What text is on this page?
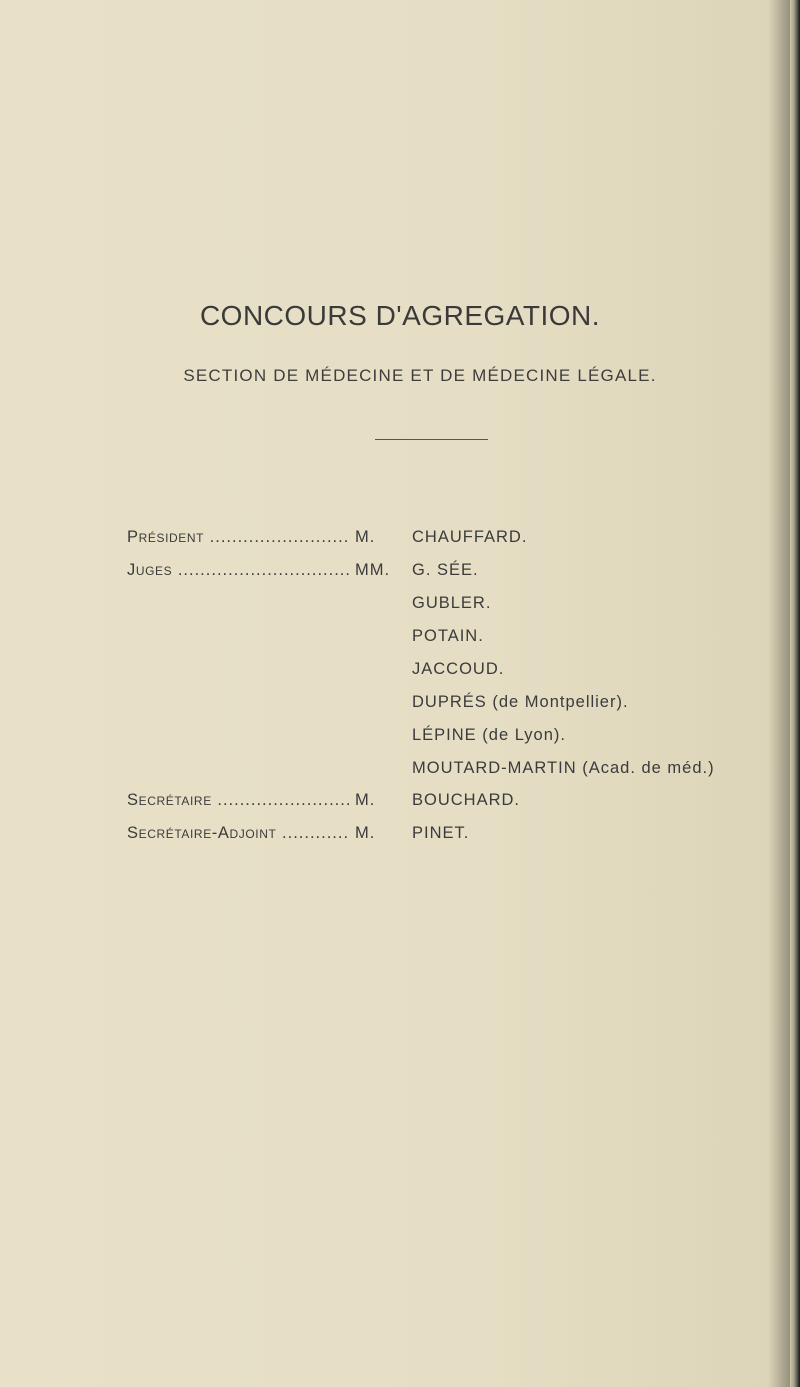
CONCOURS D'AGREGATION.
SECTION DE MÉDECINE ET DE MÉDECINE LÉGALE.
Président .....	M. CHAUFFARD.
Juges .....	MM. G. SÉE.
GUBLER.
POTAIN.
JACCOUD.
DUPRÉS (de Montpellier).
LÉPINE (de Lyon).
MOUTARD-MARTIN (Acad. de méd.)
Secrétaire .....	M. BOUCHARD.
Secrétaire-Adjoint .....	M. PINET.
